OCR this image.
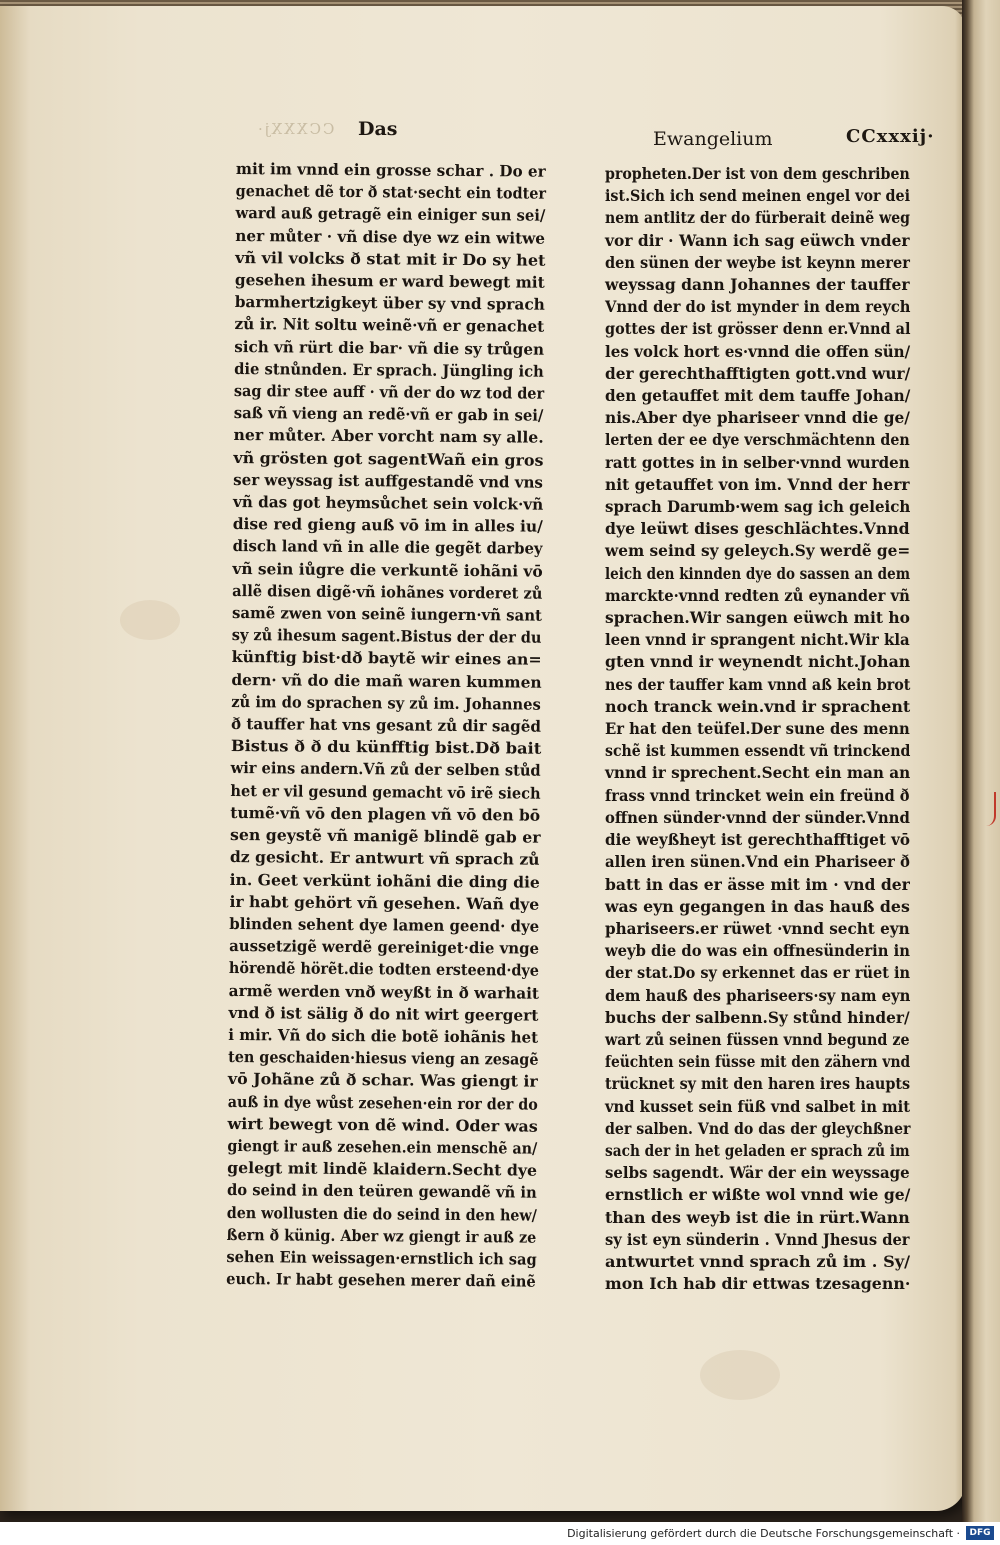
CCXXXj· Das	Ewangelium	CCxxxij·
mit im vnnd ein grosse schar . Do er
genachet dẽ tor ð stat·secht ein todter
ward auß getragẽ ein einiger sun sei/
ner můter · vñ dise dye wz ein witwe
vñ vil volcks ð stat mit ir Do sy het
gesehen ihesum er ward bewegt mit
barmhertzigkeyt über sy vnd sprach
zů ir. Nit soltu weinẽ·vñ er genachet
sich vñ rürt die bar· vñ die sy trůgen
die stnůnden. Er sprach. Jüngling ich
sag dir stee auff · vñ der do wz tod der
saß vñ vieng an redẽ·vñ er gab in sei/
ner můter. Aber vorcht nam sy alle.
vñ grösten got sagentWañ ein gros
ser weyssag ist auffgestandẽ vnd vns
vñ das got heymsůchet sein volck·vñ
dise red gieng auß vō im in alles iu/
disch land vñ in alle die gegẽt darbey
vñ sein iůgre die verkuntẽ iohãni vō
allẽ disen digẽ·vñ iohãnes vorderet zů
samẽ zwen von seinẽ iungern·vñ sant
sy zů ihesum sagent.Bistus der der du
künftig bist·dð baytẽ wir eines an=
dern· vñ do die mañ waren kummen
zů im do sprachen sy zů im. Johannes
ð tauffer hat vns gesant zů dir sagẽd
Bistus ð ð du künfftig bist.Dð bait
wir eins andern.Vñ zů der selben stůd
het er vil gesund gemacht vō irẽ siech
tumẽ·vñ vō den plagen vñ vō den bō
sen geystẽ vñ manigẽ blindẽ gab er
dz gesicht. Er antwurt vñ sprach zů
in. Geet verkünt iohãni die ding die
ir habt gehört vñ gesehen. Wañ dye
blinden sehent dye lamen geend· dye
aussetzigẽ werdẽ gereiniget·die vnge
hörendẽ hörẽt.die todten ersteend·dye
armẽ werden vnð weyßt in ð warhait
vnd ð ist sälig ð do nit wirt geergert
i mir. Vñ do sich die botẽ iohãnis het
ten geschaiden·hiesus vieng an zesagẽ
vō Johãne zů ð schar. Was giengt ir
auß in dye wůst zesehen·ein ror der do
wirt bewegt von dẽ wind. Oder was
giengt ir auß zesehen.ein menschẽ an/
gelegt mit lindẽ klaidern.Secht dye
do seind in den teüren gewandẽ vñ in
den wollusten die do seind in den hew/
ßern ð künig. Aber wz giengt ir auß ze
sehen Ein weissagen·ernstlich ich sag
euch. Ir habt gesehen merer dañ einẽ
propheten.Der ist von dem geschriben
ist.Sich ich send meinen engel vor dei
nem antlitz der do fürberait deinẽ weg
vor dir · Wann ich sag eüwch vnder
den sünen der weybe ist keynn merer
weyssag dann Johannes der tauffer
Vnnd der do ist mynder in dem reych
gottes der ist grösser denn er.Vnnd al
les volck hort es·vnnd die offen sün/
der gerechthafftigten gott.vnd wur/
den getauffet mit dem tauffe Johan/
nis.Aber dye phariseer vnnd die ge/
lerten der ee dye verschmächtenn den
ratt gottes in in selber·vnnd wurden
nit getauffet von im. Vnnd der herr
sprach Darumb·wem sag ich geleich
dye leüwt dises geschlächtes.Vnnd
wem seind sy geleych.Sy werdẽ ge=
leich den kinnden dye do sassen an dem
marckte·vnnd redten zů eynander vñ
sprachen.Wir sangen eüwch mit ho
leen vnnd ir sprangent nicht.Wir kla
gten vnnd ir weynendt nicht.Johan
nes der tauffer kam vnnd aß kein brot
noch tranck wein.vnd ir sprachent
Er hat den teüfel.Der sune des menn
schẽ ist kummen essendt vñ trinckend
vnnd ir sprechent.Secht ein man an
frass vnnd trincket wein ein freünd ð
offnen sünder·vnnd der sünder.Vnnd
die weyßheyt ist gerechthafftiget vō
allen iren sünen.Vnd ein Phariseer ð
batt in das er ässe mit im · vnd der
was eyn gegangen in das hauß des
phariseers.er rüwet ·vnnd secht eyn
weyb die do was ein offnesünderin in
der stat.Do sy erkennet das er rüet in
dem hauß des phariseers·sy nam eyn
buchs der salbenn.Sy stůnd hinder/
wart zů seinen füssen vnnd begund ze
feüchten sein füsse mit den zähern vnd
trücknet sy mit den haren ires haupts
vnd kusset sein füß vnd salbet in mit
der salben. Vnd do das der gleychßner
sach der in het geladen er sprach zů im
selbs sagendt. Wär der ein weyssage
ernstlich er wißte wol vnnd wie ge/
than des weyb ist die in rürt.Wann
sy ist eyn sünderin . Vnnd Jhesus der
antwurtet vnnd sprach zů im . Sy/
mon Ich hab dir ettwas tzesagenn·
Digitalisierung gefördert durch die Deutsche Forschungsgemeinschaft ·	DFG
